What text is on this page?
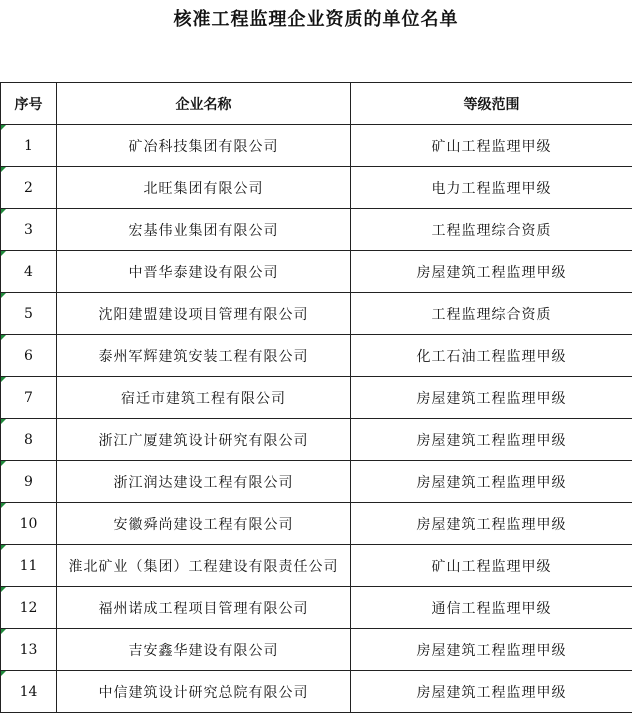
核准工程监理企业资质的单位名单
序号	企业名称	等级范围
1	矿冶科技集团有限公司	矿山工程监理甲级
2	北旺集团有限公司	电力工程监理甲级
3	宏基伟业集团有限公司	工程监理综合资质
4	中晋华泰建设有限公司	房屋建筑工程监理甲级
5	沈阳建盟建设项目管理有限公司	工程监理综合资质
6	泰州军辉建筑安装工程有限公司	化工石油工程监理甲级
7	宿迁市建筑工程有限公司	房屋建筑工程监理甲级
8	浙江广厦建筑设计研究有限公司	房屋建筑工程监理甲级
9	浙江润达建设工程有限公司	房屋建筑工程监理甲级
10	安徽舜尚建设工程有限公司	房屋建筑工程监理甲级
11	淮北矿业（集团）工程建设有限责任公司	矿山工程监理甲级
12	福州诺成工程项目管理有限公司	通信工程监理甲级
13	吉安鑫华建设有限公司	房屋建筑工程监理甲级
14	中信建筑设计研究总院有限公司	房屋建筑工程监理甲级
